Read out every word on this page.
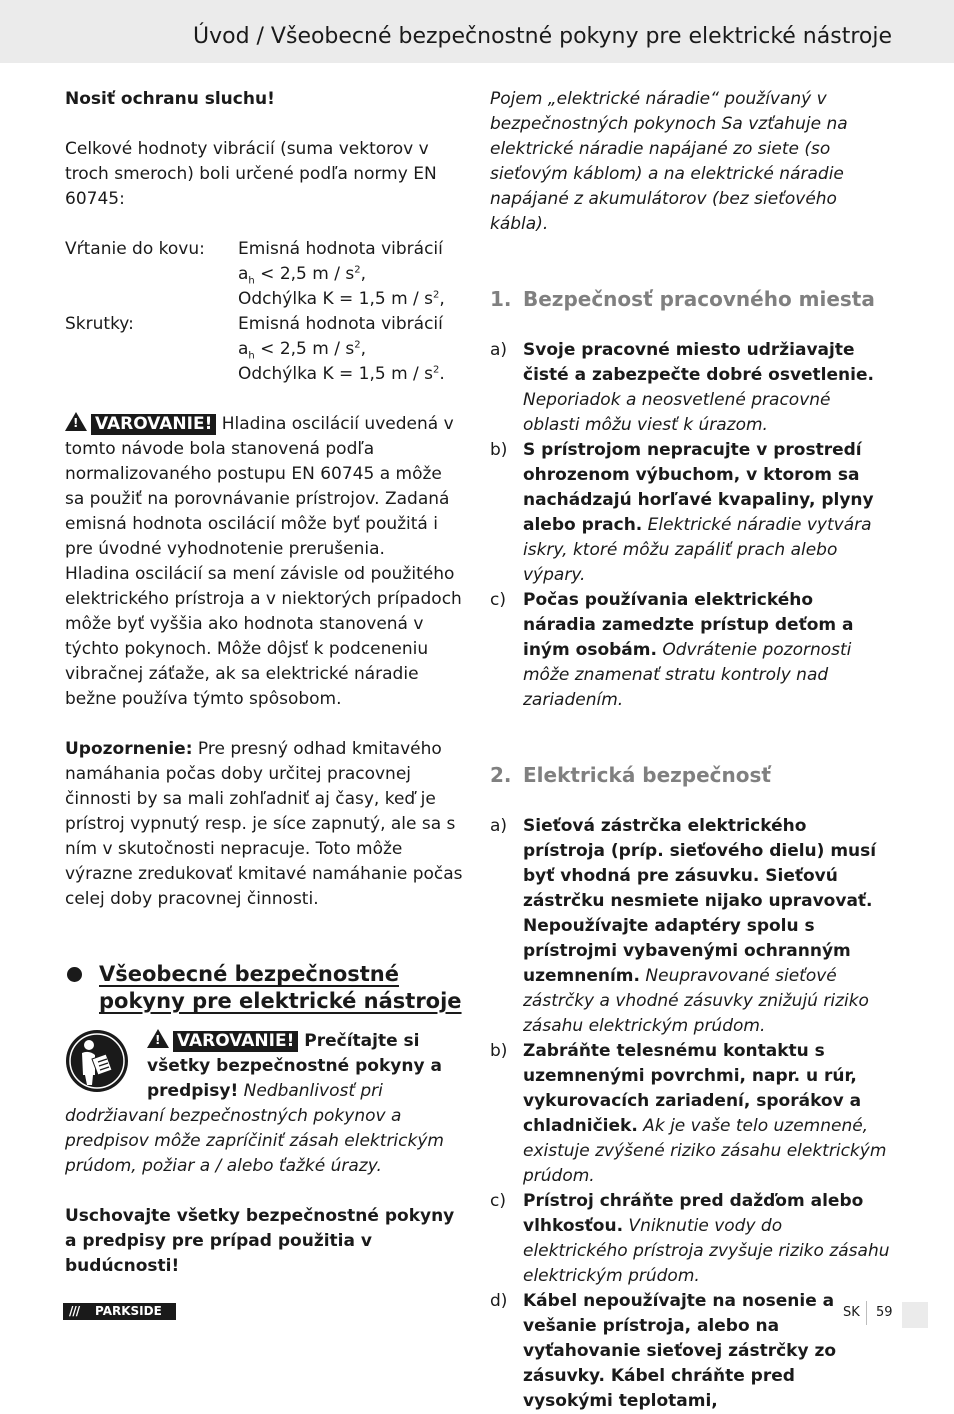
Úvod / Všeobecné bezpečnostné pokyny pre elektrické nástroje

Nosiť ochranu sluchu!

Celkové hodnoty vibrácií (suma vektorov v troch smeroch) boli určené podľa normy EN 60745:

Vŕtanie do kovu:	Emisná hodnota vibrácií
$a_h < 2,5$ m / $s^2$,
Odchýlka K = 1,5 m / $s^2$,
Skrutky:	Emisná hodnota vibrácií
$a_h < 2,5$ m / $s^2$,
Odchýlka K = 1,5 m / $s^2$.

!VAROVANIE! Hladina oscilácií uvedená v tomto návode bola stanovená podľa normalizovaného postupu EN 60745 a môže sa použiť na porovnávanie prístrojov. Zadaná emisná hodnota oscilácií môže byť použitá i pre úvodné vyhodnotenie prerušenia.

Hladina oscilácií sa mení závisle od použitého elektrického prístroja a v niektorých prípadoch môže byť vyššia ako hodnota stanovená v týchto pokynoch. Môže dôjsť k podceneniu vibračnej záťaže, ak sa elektrické náradie bežne používa týmto spôsobom.

Upozornenie: Pre presný odhad kmitavého namáhania počas doby určitej pracovnej činnosti by sa mali zohľadniť aj časy, keď je prístroj vypnutý resp. je síce zapnutý, ale sa s ním v skutočnosti nepracuje. Toto môže výrazne zredukovať kmitavé namáhanie počas celej doby pracovnej činnosti.

Všeobecné bezpečnostné pokyny pre elektrické nástroje

!VAROVANIE! Prečítajte si všetky bezpečnostné pokyny a predpisy! Nedbanlivosť pri dodržiavaní bezpečnostných pokynov a predpisov môže zapríčiniť zásah elektrickým prúdom, požiar a / alebo ťažké úrazy.

Uschovajte všetky bezpečnostné pokyny a predpisy pre prípad použitia v budúcnosti!

Pojem „elektrické náradie“ používaný v bezpečnostných pokynoch Sa vzťahuje na elektrické náradie napájané zo siete (so sieťovým káblom) a na elektrické náradie napájané z akumulátorov (bez sieťového kábla).

1. Bezpečnosť pracovného miesta
a) Svoje pracovné miesto udržiavajte čisté a zabezpečte dobré osvetlenie. Neporiadok a neosvetlené pracovné oblasti môžu viesť k úrazom.
b) S prístrojom nepracujte v prostredí ohrozenom výbuchom, v ktorom sa nachádzajú horľavé kvapaliny, plyny alebo prach. Elektrické náradie vytvára iskry, ktoré môžu zapáliť prach alebo výpary.
c)	Počas používania elektrického náradia zamedzte prístup deťom a iným osobám. Odvrátenie pozornosti môže znamenať stratu kontroly nad zariadením.
2. Elektrická bezpečnosť
a) Sieťová zástrčka elektrického prístroja (príp. sieťového dielu) musí byť vhodná pre zásuvku. Sieťovú zástrčku nesmiete nijako upravovať. Nepoužívajte adaptéry spolu s prístrojmi vybavenými ochranným uzemnením. Neupravované sieťové zástrčky a vhodné zásuvky znižujú riziko zásahu elektrickým prúdom.
b) Zabráňte telesnému kontaktu s uzemnenými povrchmi, napr. u rúr, vykurovacích zariadení, sporákov a chladničiek. Ak je vaše telo uzemnené, existuje zvýšené riziko zásahu elektrickým prúdom.
c)	Prístroj chráňte pred dažďom alebo vlhkosťou. Vniknutie vody do elektrického prístroja zvyšuje riziko zásahu elektrickým prúdom.
d) Kábel nepoužívajte na nosenie a vešanie prístroja, alebo na vyťahovanie sieťovej zástrčky zo zásuvky. Kábel chráňte pred vysokými teplotami,
///	PARKSIDE	SK 59
